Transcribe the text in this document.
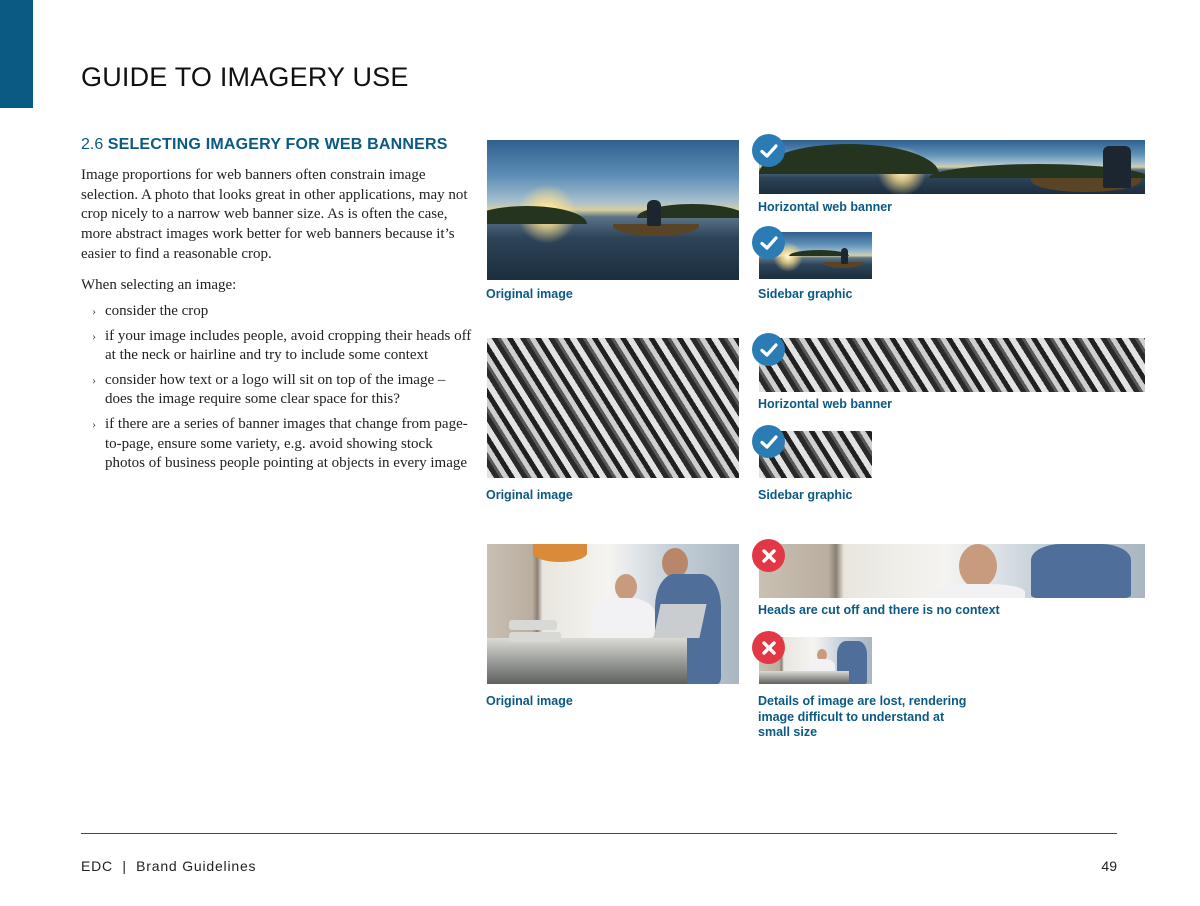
GUIDE TO IMAGERY USE
2.6 SELECTING IMAGERY FOR WEB BANNERS

Image proportions for web banners often constrain image selection. A photo that looks great in other applications, may not crop nicely to a narrow web banner size. As is often the case, more abstract images work better for web banners because it’s easier to find a reasonable crop.

When selecting an image:

› consider the crop
› if your image includes people, avoid cropping their heads off at the neck or hairline and try to include some context
› consider how text or a logo will sit on top of the image – does the image require some clear space for this?
› if there are a series of banner images that change from page-to-page, ensure some variety, e.g. avoid showing stock photos of business people pointing at objects in every image
Original image
Horizontal web banner
Sidebar graphic
Original image
Horizontal web banner
Sidebar graphic
Original image
Heads are cut off and there is no context
Details of image are lost, rendering image difficult to understand at small size
EDC  |  Brand Guidelines	49
